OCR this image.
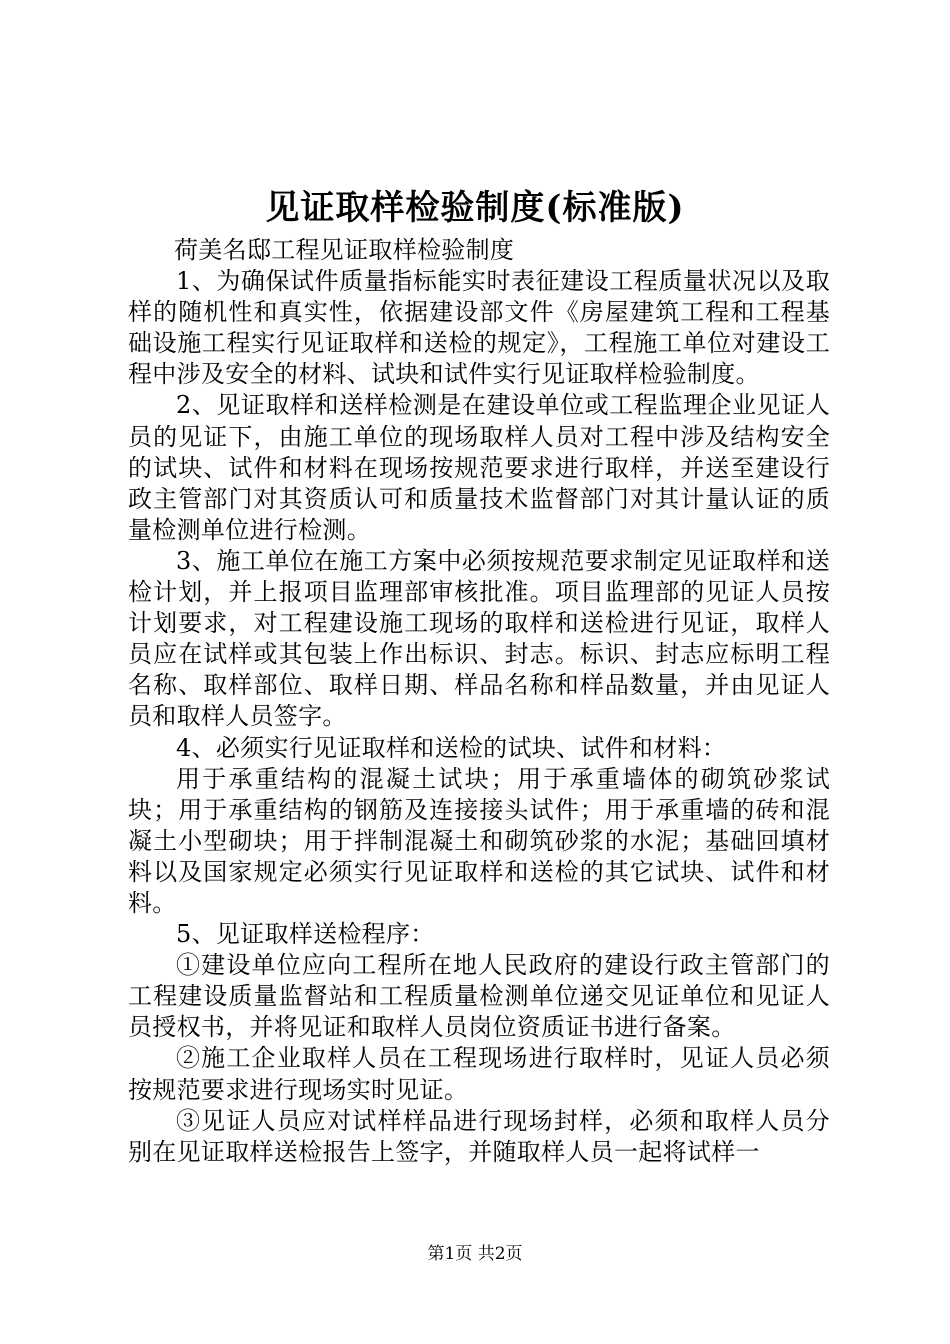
见证取样检验制度(标准版)

荷美名邸工程见证取样检验制度

1、为确保试件质量指标能实时表征建设工程质量状况以及取样的随机性和真实性，依据建设部文件《房屋建筑工程和工程基础设施工程实行见证取样和送检的规定》，工程施工单位对建设工程中涉及安全的材料、试块和试件实行见证取样检验制度。

2、见证取样和送样检测是在建设单位或工程监理企业见证人员的见证下，由施工单位的现场取样人员对工程中涉及结构安全的试块、试件和材料在现场按规范要求进行取样，并送至建设行政主管部门对其资质认可和质量技术监督部门对其计量认证的质量检测单位进行检测。

3、施工单位在施工方案中必须按规范要求制定见证取样和送检计划，并上报项目监理部审核批准。项目监理部的见证人员按计划要求，对工程建设施工现场的取样和送检进行见证，取样人员应在试样或其包装上作出标识、封志。标识、封志应标明工程名称、取样部位、取样日期、样品名称和样品数量，并由见证人员和取样人员签字。

4、必须实行见证取样和送检的试块、试件和材料：

用于承重结构的混凝土试块；用于承重墙体的砌筑砂浆试块；用于承重结构的钢筋及连接接头试件；用于承重墙的砖和混凝土小型砌块；用于拌制混凝土和砌筑砂浆的水泥；基础回填材料以及国家规定必须实行见证取样和送检的其它试块、试件和材料。

5、见证取样送检程序：

①建设单位应向工程所在地人民政府的建设行政主管部门的工程建设质量监督站和工程质量检测单位递交见证单位和见证人员授权书，并将见证和取样人员岗位资质证书进行备案。

②施工企业取样人员在工程现场进行取样时，见证人员必须按规范要求进行现场实时见证。

③见证人员应对试样样品进行现场封样，必须和取样人员分别在见证取样送检报告上签字，并随取样人员一起将试样一

第1页 共2页
